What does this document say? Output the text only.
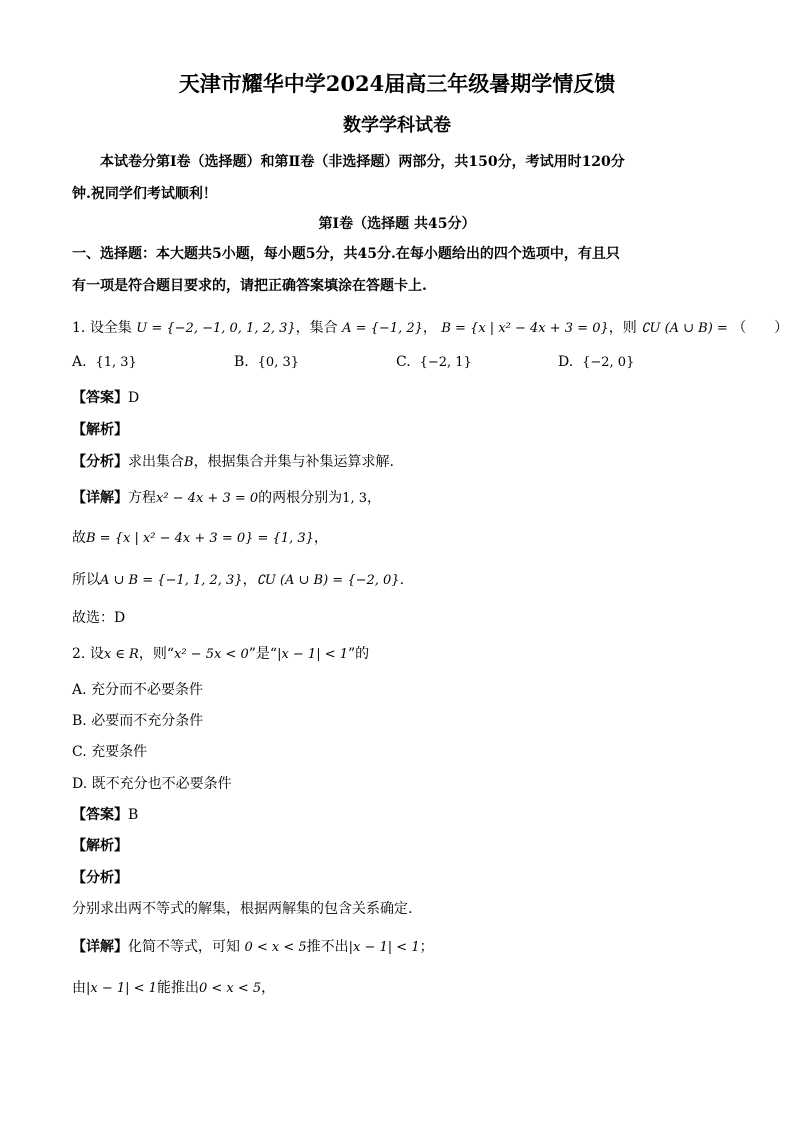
天津市耀华中学2024届高三年级暑期学情反馈
数学学科试卷
本试卷分第Ⅰ卷（选择题）和第Ⅱ卷（非选择题）两部分，共150分，考试用时120分
钟.祝同学们考试顺利！
第Ⅰ卷（选择题 共45分）
一、选择题：本大题共5小题，每小题5分，共45分.在每小题给出的四个选项中，有且只
有一项是符合题目要求的，请把正确答案填涂在答题卡上.
1. 设全集 U = {−2, −1, 0, 1, 2, 3}，集合 A = {−1, 2}， B = {x | x² − 4x + 3 = 0}，则 ∁U (A ∪ B) = （　　）
A. {1, 3}	B. {0, 3}	C. {−2, 1}	D. {−2, 0}
【答案】D
【解析】
【分析】求出集合B，根据集合并集与补集运算求解.
【详解】方程x² − 4x + 3 = 0的两根分别为1, 3，
故B = {x | x² − 4x + 3 = 0} = {1, 3}，
所以A ∪ B = {−1, 1, 2, 3}，∁U (A ∪ B) = {−2, 0}.
故选：D
2. 设x ∈ R，则“x² − 5x < 0”是“|x − 1| < 1”的
A. 充分而不必要条件
B. 必要而不充分条件
C. 充要条件
D. 既不充分也不必要条件
【答案】B
【解析】
【分析】
分别求出两不等式的解集，根据两解集的包含关系确定.
【详解】化简不等式，可知 0 < x < 5推不出|x − 1| < 1；
由|x − 1| < 1能推出0 < x < 5，
